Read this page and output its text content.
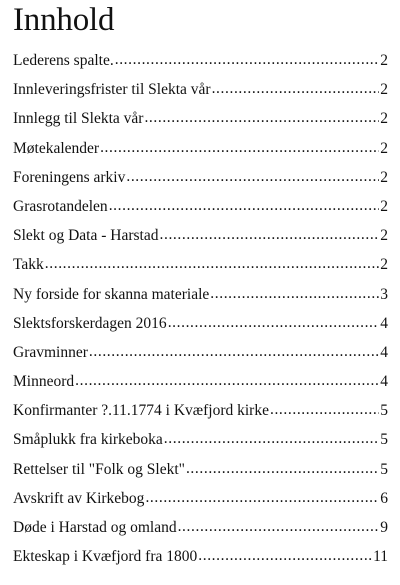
Innhold
Lederens spalte. .....	2
Innleveringsfrister til Slekta vår .....	2
Innlegg til Slekta vår .....	2
Møtekalender .....	2
Foreningens arkiv .....	2
Grasrotandelen .....	2
Slekt og Data - Harstad .....	2
Takk .....	2
Ny forside for skanna materiale .....	3
Slektsforskerdagen 2016 .....	4
Gravminner .....	4
Minneord .....	4
Konfirmanter ?.11.1774 i Kvæfjord kirke .....	5
Småplukk fra kirkeboka .....	5
Rettelser til "Folk og Slekt" .....	5
Avskrift av Kirkebog .....	6
Døde i Harstad og omland .....	9
Ekteskap i Kvæfjord fra 1800 .....	11
